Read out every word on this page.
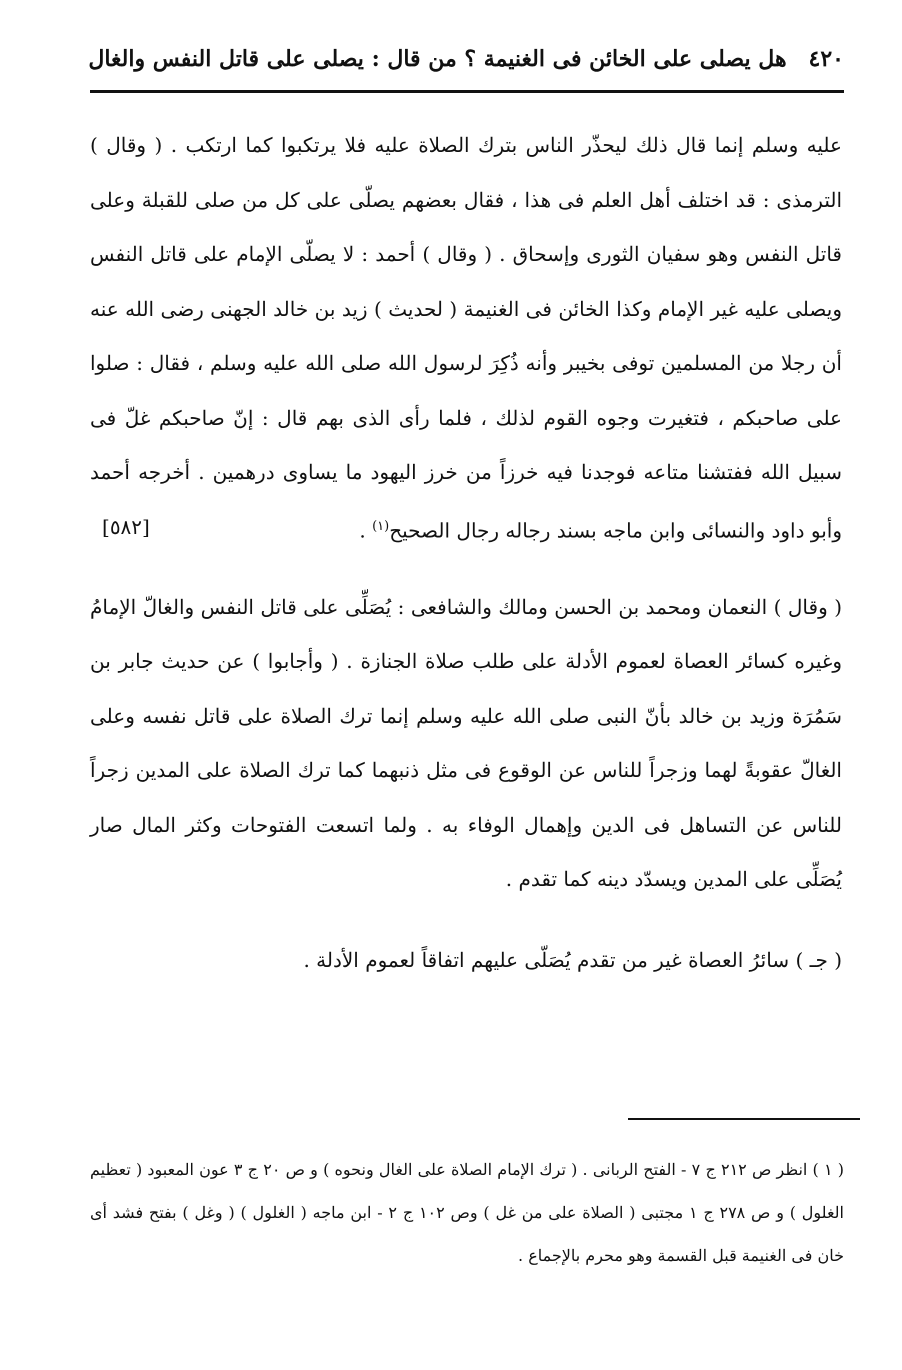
٤٢٠
هل يصلى على الخائن فى الغنيمة ؟ من قال : يصلى على قاتل النفس والغال

عليه وسلم إنما قال ذلك ليحذّر الناس بترك الصلاة عليه فلا يرتكبوا كما ارتكب . ( وقال ) الترمذى : قد اختلف أهل العلم فى هذا ، فقال بعضهم يصلّى على كل من صلى للقبلة وعلى قاتل النفس وهو سفيان الثورى وإسحاق . ( وقال ) أحمد : لا يصلّى الإمام على قاتل النفس ويصلى عليه غير الإمام وكذا الخائن فى الغنيمة ( لحديث ) زيد بن خالد الجهنى رضى الله عنه أن رجلا من المسلمين توفى بخيبر وأنه ذُكِرَ لرسول الله صلى الله عليه وسلم ، فقال : صلوا على صاحبكم ، فتغيرت وجوه القوم لذلك ، فلما رأى الذى بهم قال : إنّ صاحبكم غلّ فى سبيل الله ففتشنا متاعه فوجدنا فيه خرزاً من خرز اليهود ما يساوى درهمين . أخرجه أحمد وأبو داود والنسائى وابن ماجه بسند رجاله رجال الصحيح$^{(١)}$ .
[٥٨٢]

( وقال ) النعمان ومحمد بن الحسن ومالك والشافعى : يُصَلِّى على قاتل النفس والغالّ الإمامُ وغيره كسائر العصاة لعموم الأدلة على طلب صلاة الجنازة . ( وأجابوا ) عن حديث جابر بن سَمُرَة وزيد بن خالد بأنّ النبى صلى الله عليه وسلم إنما ترك الصلاة على قاتل نفسه وعلى الغالّ عقوبةً لهما وزجراً للناس عن الوقوع فى مثل ذنبهما كما ترك الصلاة على المدين زجراً للناس عن التساهل فى الدين وإهمال الوفاء به . ولما اتسعت الفتوحات وكثر المال صار يُصَلِّى على المدين ويسدّد دينه كما تقدم .

( جـ ) سائرُ العصاة غير من تقدم يُصَلّى عليهم اتفاقاً لعموم الأدلة .

( ١ ) انظر ص ٢١٢ ج ٧ - الفتح الربانى . ( ترك الإمام الصلاة على الغال ونحوه ) و ص ٢٠ ج ٣ عون المعبود ( تعظيم الغلول ) و ص ٢٧٨ ج ١ مجتبى ( الصلاة على من غل ) وص ١٠٢ ج ٢ - ابن ماجه ( الغلول ) ( وغل ) بفتح فشد أى خان فى الغنيمة قبل القسمة وهو محرم بالإجماع .
